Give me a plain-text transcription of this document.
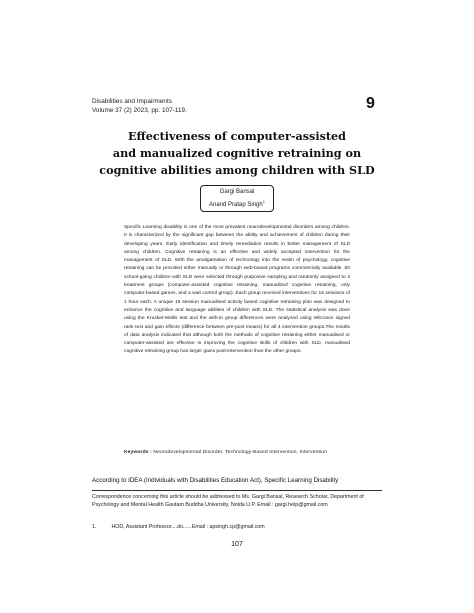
Disabilities and Impairments
Volume 37 (2) 2023, pp. 107-119.	9
Effectiveness of computer-assisted
and manualized cognitive retraining on
cognitive abilities among children with SLD
Gargi Bansal
Anand Pratap Singh$^1$
Specific Learning disability is one of the most prevalent neurodevelopmental disorders among children. It is characterized by the significant gap between the ability and achievement of children during their developing years. Early identification and timely remediation results in better management of SLD among children. Cognitive retraining is an effective and widely accepted intervention for the management of SLD. With the amalgamation of technology into the realm of psychology, cognitive retraining can be provided either manually or through web-based programs commercially available. 60 school-going children with SLD were selected through purposive sampling and randomly assigned to 4 treatment groups (computer-assisted cognitive retraining, manualized cognitive retraining, only computer-based games, and a wait control group). Each group received interventions for 15 sessions of 1 hour each. A unique 15 session manualised activity based cognitive retraining plan was designed to enhance the cognitive and language abilities of children with SLD. The statistical analysis was done using the Kruskal-Wallis test and the with-in group differences were analyzed using Wilcoxon signed rank test and gain effects (difference between pre-post means) for all 4 intervention groups.The results of data analysis indicated that although both the methods of cognitive retraining either manualised or computer-assisted are effective in improving the cognitive skills of children with SLD, manualised cognitive retraining group has larger gains post-intervention than the other groups.
Keywords : Neurodevelopmental Disorder, Technology-Based Intervention, Intervention
According to IDEA (Individuals with Disabilities Education Act), Specific Learning Disability
Correspondence concerning this article should be addressed to Ms. Gargi Bansal, Research Scholar, Department of Psychology and Mental Health Gautam Buddha University, Noida U.P. Email : gargi.help@gmail.com
1.	HOD, Assistant Professor....do......Email : apsingh.cp@gmail.com
107
